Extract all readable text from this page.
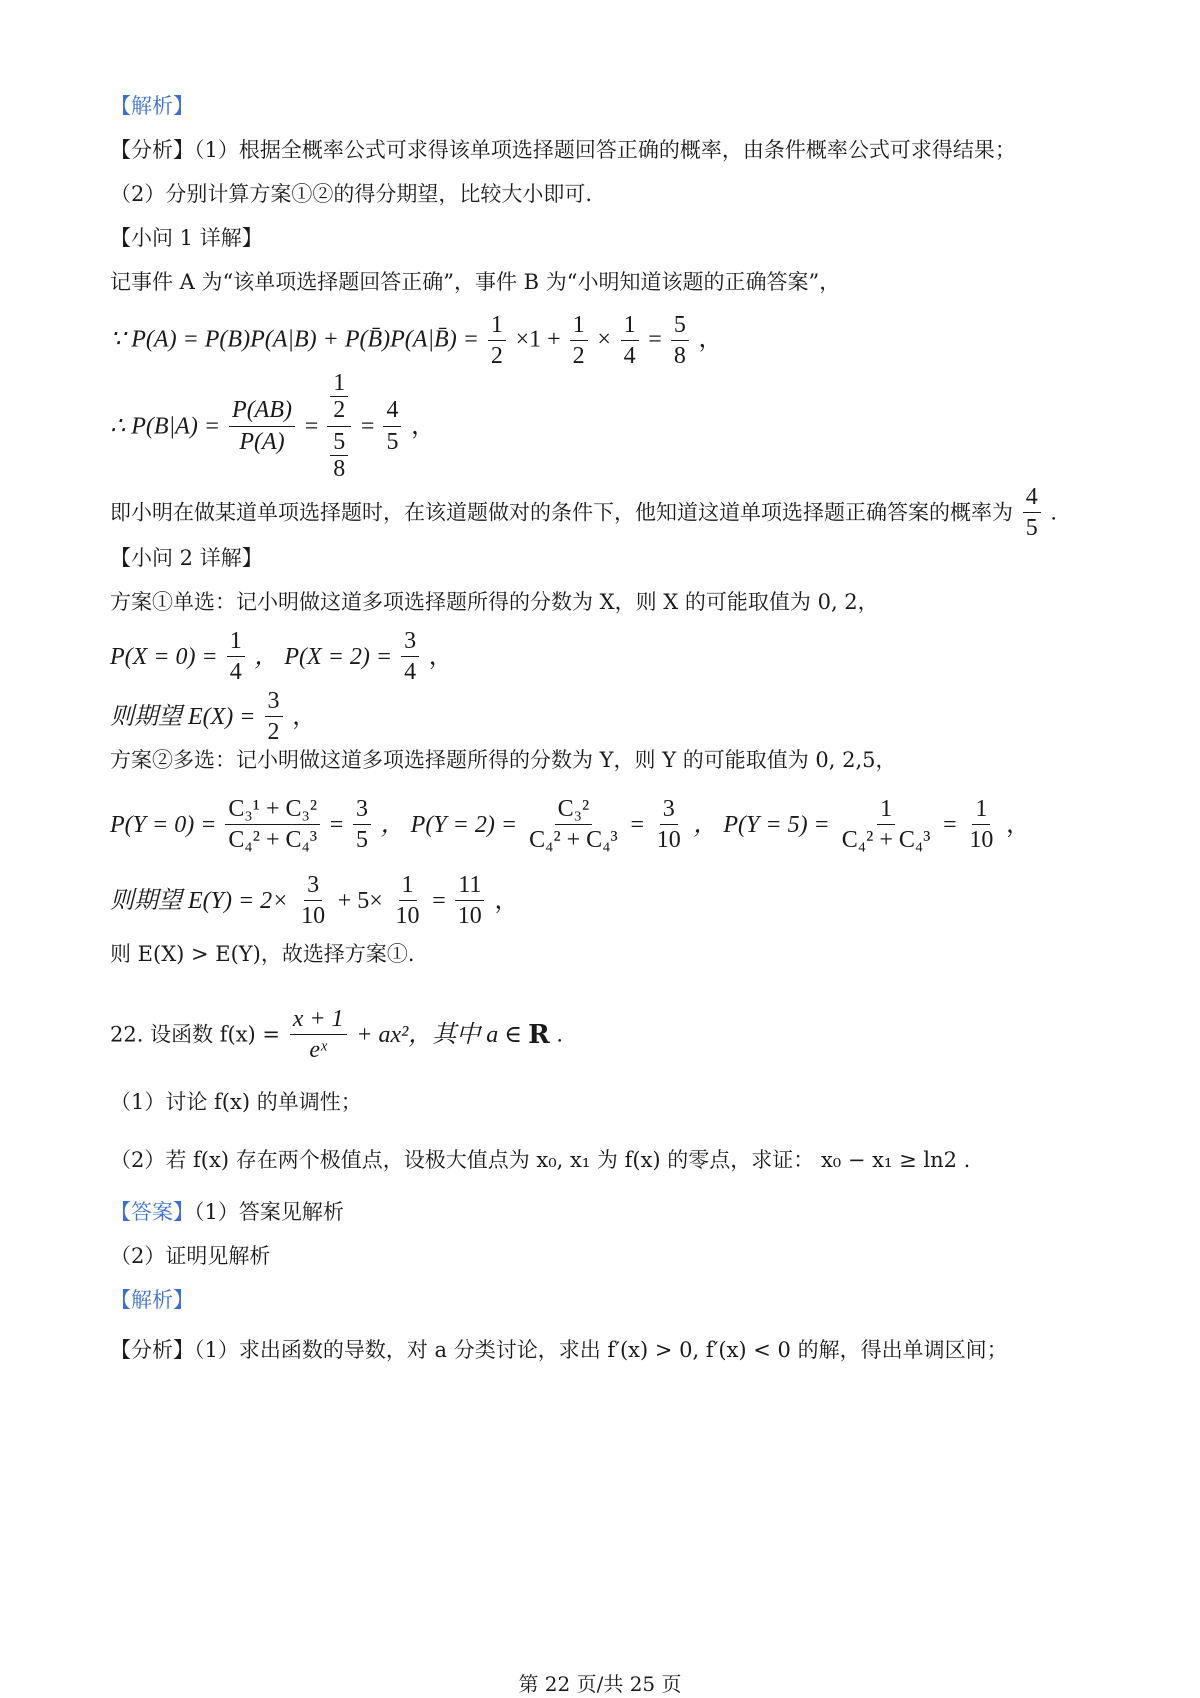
【解析】
【分析】（1）根据全概率公式可求得该单项选择题回答正确的概率，由条件概率公式可求得结果；
（2）分别计算方案①②的得分期望，比较大小即可.
【小问 1 详解】
记事件 A 为“该单项选择题回答正确”，事件 B 为“小明知道该题的正确答案”，
∵ P(A) = P(B)P(A|B) + P(B̄)P(A|B̄) = $\frac{1}{2} \times 1 + \frac{1}{2} \times \frac{1}{4} = \frac{5}{8}$ ，
∴ $P(B|A) = \frac{P(AB)}{P(A)} = 1$
2
5
$8 = \frac{4}{5}$ ，
即小明在做某道单项选择题时，在该道题做对的条件下，他知道这道单项选择题正确答案的概率为 $\frac{4}{5}$ .
【小问 2 详解】
方案①单选：记小明做这道多项选择题所得的分数为 X，则 X 的可能取值为 0, 2，
$P(X = 0) = \frac{1}{4}$ ， $P(X = 2) = \frac{3}{4}$ ，
则期望 $E(X) = \frac{3}{2}$ ，
方案②多选：记小明做这道多项选择题所得的分数为 Y，则 Y 的可能取值为 0, 2,5，
$P(Y = 0) = \frac{\text{C₃¹ + C₃²}}{\text{C₄² + C₄³}} = \frac{3}{5}$ ， $P(Y = 2) = \frac{\text{C₃²}}{\text{C₄² + C₄³}} = \frac{3}{10}$ ， $P(Y = 5) = \frac{1}{\text{C₄² + C₄³}} = \frac{1}{10}$ ，
则期望 $E(Y) = 2\times \frac{3}{10} + 5\times \frac{1}{10} = \frac{11}{10}$ ，
则 E(X) > E(Y)，故选择方案①.
22. 设函数 $f(x) = \frac{x + 1}{\text{eˣ}} + ax^2$，其中 a ∈ R .
（1）讨论 f(x) 的单调性；
（2）若 f(x) 存在两个极值点，设极大值点为 x₀, x₁ 为 f(x) 的零点，求证： x₀ − x₁ ≥ ln2 .
【答案】（1）答案见解析
（2）证明见解析
【解析】
【分析】（1）求出函数的导数，对 a 分类讨论，求出 f′(x) > 0, f′(x) < 0 的解，得出单调区间；
第 22 页/共 25 页
